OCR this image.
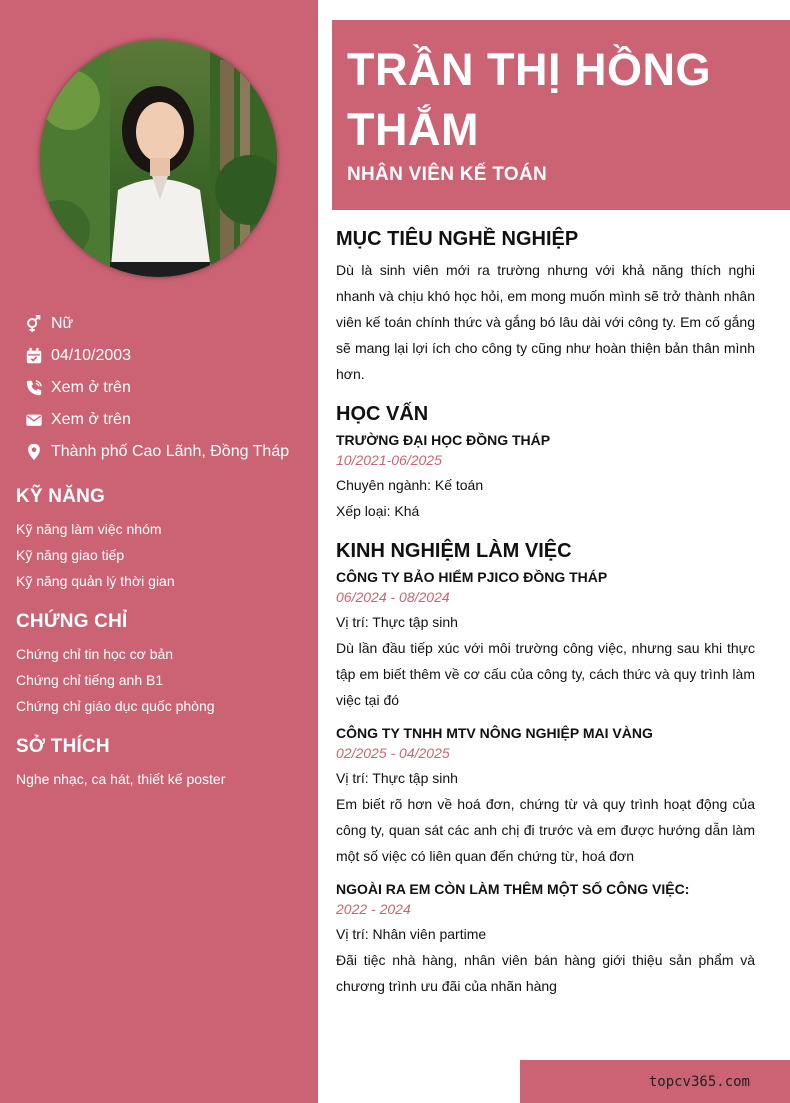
Nữ
04/10/2003
Xem ở trên
Xem ở trên
Thành phố Cao Lãnh, Đồng Tháp
KỸ NĂNG
Kỹ năng làm việc nhóm
Kỹ năng giao tiếp
Kỹ năng quản lý thời gian
CHỨNG CHỈ
Chứng chỉ tin học cơ bản
Chứng chỉ tiếng anh B1
Chứng chỉ giáo dục quốc phòng
SỞ THÍCH
Nghe nhạc, ca hát, thiết kế poster
TRẦN THỊ HỒNG THẮM
NHÂN VIÊN KẾ TOÁN
MỤC TIÊU NGHỀ NGHIỆP
Dù là sinh viên mới ra trường nhưng với khả năng thích nghi nhanh và chịu khó học hỏi, em mong muốn mình sẽ trở thành nhân viên kế toán chính thức và gắng bó lâu dài với công ty. Em cố gắng sẽ mang lại lợi ích cho công ty cũng như hoàn thiện bản thân mình hơn.
HỌC VẤN
TRƯỜNG ĐẠI HỌC ĐỒNG THÁP
10/2021-06/2025
Chuyên ngành: Kế toán
Xếp loại: Khá
KINH NGHIỆM LÀM VIỆC
CÔNG TY BẢO HIỂM PJICO ĐỒNG THÁP
06/2024 - 08/2024
Vị trí: Thực tập sinh
Dù lần đầu tiếp xúc với môi trường công việc, nhưng sau khi thực tập em biết thêm về cơ cấu của công ty, cách thức và quy trình làm việc tại đó
CÔNG TY TNHH MTV NÔNG NGHIỆP MAI VÀNG
02/2025 - 04/2025
Vị trí: Thực tập sinh
Em biết rõ hơn về hoá đơn, chứng từ và quy trình hoạt động của công ty, quan sát các anh chị đi trước và em được hướng dẫn làm một số việc có liên quan đến chứng từ, hoá đơn
NGOÀI RA EM CÒN LÀM THÊM MỘT SỐ CÔNG VIỆC:
2022 - 2024
Vị trí: Nhân viên partime
Đãi tiệc nhà hàng, nhân viên bán hàng giới thiệu sản phẩm và chương trình ưu đãi của nhãn hàng
topcv365.com
